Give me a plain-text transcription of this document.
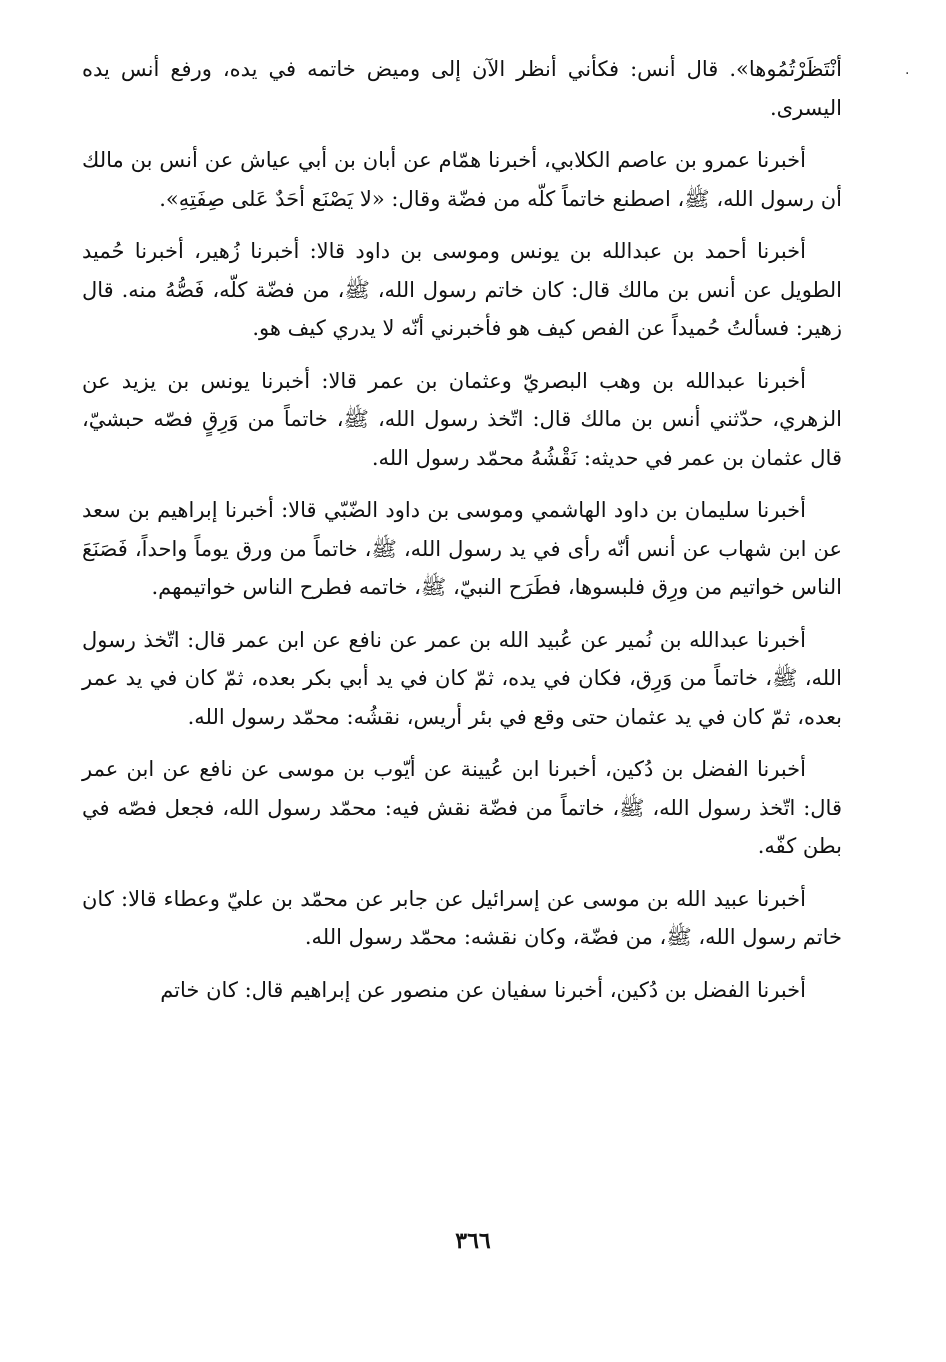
·

أنْتَظَرْتُمُوها». قال أنس: فكأني أنظر الآن إلى وميض خاتمه في يده، ورفع أنس يده اليسرى.

أخبرنا عمرو بن عاصم الكلابي، أخبرنا همّام عن أبان بن أبي عياش عن أنس بن مالك أن رسول الله، ﷺ، اصطنع خاتماً كلّه من فضّة وقال: «لا يَصْنَع أحَدٌ عَلى صِفَتِهِ».

أخبرنا أحمد بن عبدالله بن يونس وموسى بن داود قالا: أخبرنا زُهير، أخبرنا حُميد الطويل عن أنس بن مالك قال: كان خاتم رسول الله، ﷺ، من فضّة كلّه، فَصُّهُ منه. قال زهير: فسألتُ حُميداً عن الفص كيف هو فأخبرني أنّه لا يدري كيف هو.

أخبرنا عبدالله بن وهب البصريّ وعثمان بن عمر قالا: أخبرنا يونس بن يزيد عن الزهري، حدّثني أنس بن مالك قال: اتّخذ رسول الله، ﷺ، خاتماً من وَرِقٍ فصّه حبشيّ، قال عثمان بن عمر في حديثه: نَقْشُهُ محمّد رسول الله.

أخبرنا سليمان بن داود الهاشمي وموسى بن داود الضّبّي قالا: أخبرنا إبراهيم بن سعد عن ابن شهاب عن أنس أنّه رأى في يد رسول الله، ﷺ، خاتماً من ورق يوماً واحداً، فَصَنَعَ الناس خواتيم من ورِق فلبسوها، فطَرَح النبيّ، ﷺ، خاتمه فطرح الناس خواتيمهم.

أخبرنا عبدالله بن نُمير عن عُبيد الله بن عمر عن نافع عن ابن عمر قال: اتّخذ رسول الله، ﷺ، خاتماً من وَرِق، فكان في يده، ثمّ كان في يد أبي بكر بعده، ثمّ كان في يد عمر بعده، ثمّ كان في يد عثمان حتى وقع في بئر أريس، نقشُه: محمّد رسول الله.

أخبرنا الفضل بن دُكين، أخبرنا ابن عُيينة عن أيّوب بن موسى عن نافع عن ابن عمر قال: اتّخذ رسول الله، ﷺ، خاتماً من فضّة نقش فيه: محمّد رسول الله، فجعل فصّه في بطن كفّه.

أخبرنا عبيد الله بن موسى عن إسرائيل عن جابر عن محمّد بن عليّ وعطاء قالا: كان خاتم رسول الله، ﷺ، من فضّة، وكان نقشه: محمّد رسول الله.

أخبرنا الفضل بن دُكين، أخبرنا سفيان عن منصور عن إبراهيم قال: كان خاتم

٣٦٦
